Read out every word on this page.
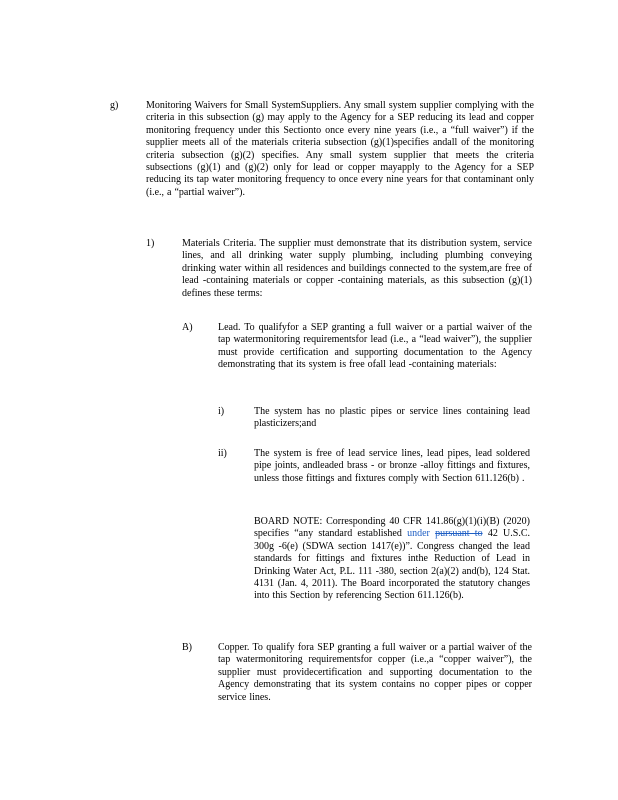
g)	Monitoring Waivers for Small SystemSuppliers. Any small system supplier complying with the criteria in this subsection (g) may apply to the Agency for a SEP reducing its lead and copper monitoring frequency under this Sectionto once every nine years (i.e., a “full waiver”) if the supplier meets all of the materials criteria subsection (g)(1)specifies andall of the monitoring criteria subsection (g)(2) specifies. Any small system supplier that meets the criteria subsections (g)(1) and (g)(2) only for lead or copper mayapply to the Agency for a SEP reducing its tap water monitoring frequency to once every nine years for that contaminant only (i.e., a “partial waiver”).
1)	Materials Criteria. The supplier must demonstrate that its distribution system, service lines, and all drinking water supply plumbing, including plumbing conveying drinking water within all residences and buildings connected to the system,are free of lead -containing materials or copper -containing materials, as this subsection (g)(1) defines these terms:
A)	Lead. To qualifyfor a SEP granting a full waiver or a partial waiver of the tap watermonitoring requirementsfor lead (i.e., a “lead waiver”), the supplier must provide certification and supporting documentation to the Agency demonstrating that its system is free ofall lead -containing materials:
i)	The system has no plastic pipes or service lines containing lead plasticizers;and
ii)	The system is free of lead service lines, lead pipes, lead soldered pipe joints, andleaded brass - or bronze -alloy fittings and fixtures, unless those fittings and fixtures comply with Section 611.126(b) .
BOARD NOTE: Corresponding 40 CFR 141.86(g)(1)(i)(B) (2020) specifies “any standard established under pursuant to 42 U.S.C. 300g -6(e) (SDWA section 1417(e))”. Congress changed the lead standards for fittings and fixtures inthe Reduction of Lead in Drinking Water Act, P.L. 111 -380, section 2(a)(2) and(b), 124 Stat. 4131 (Jan. 4, 2011). The Board incorporated the statutory changes into this Section by referencing Section 611.126(b).
B)	Copper. To qualify fora SEP granting a full waiver or a partial waiver of the tap watermonitoring requirementsfor copper (i.e.,a “copper waiver”), the supplier must providecertification and supporting documentation to the Agency demonstrating that its system contains no copper pipes or copper service lines.
